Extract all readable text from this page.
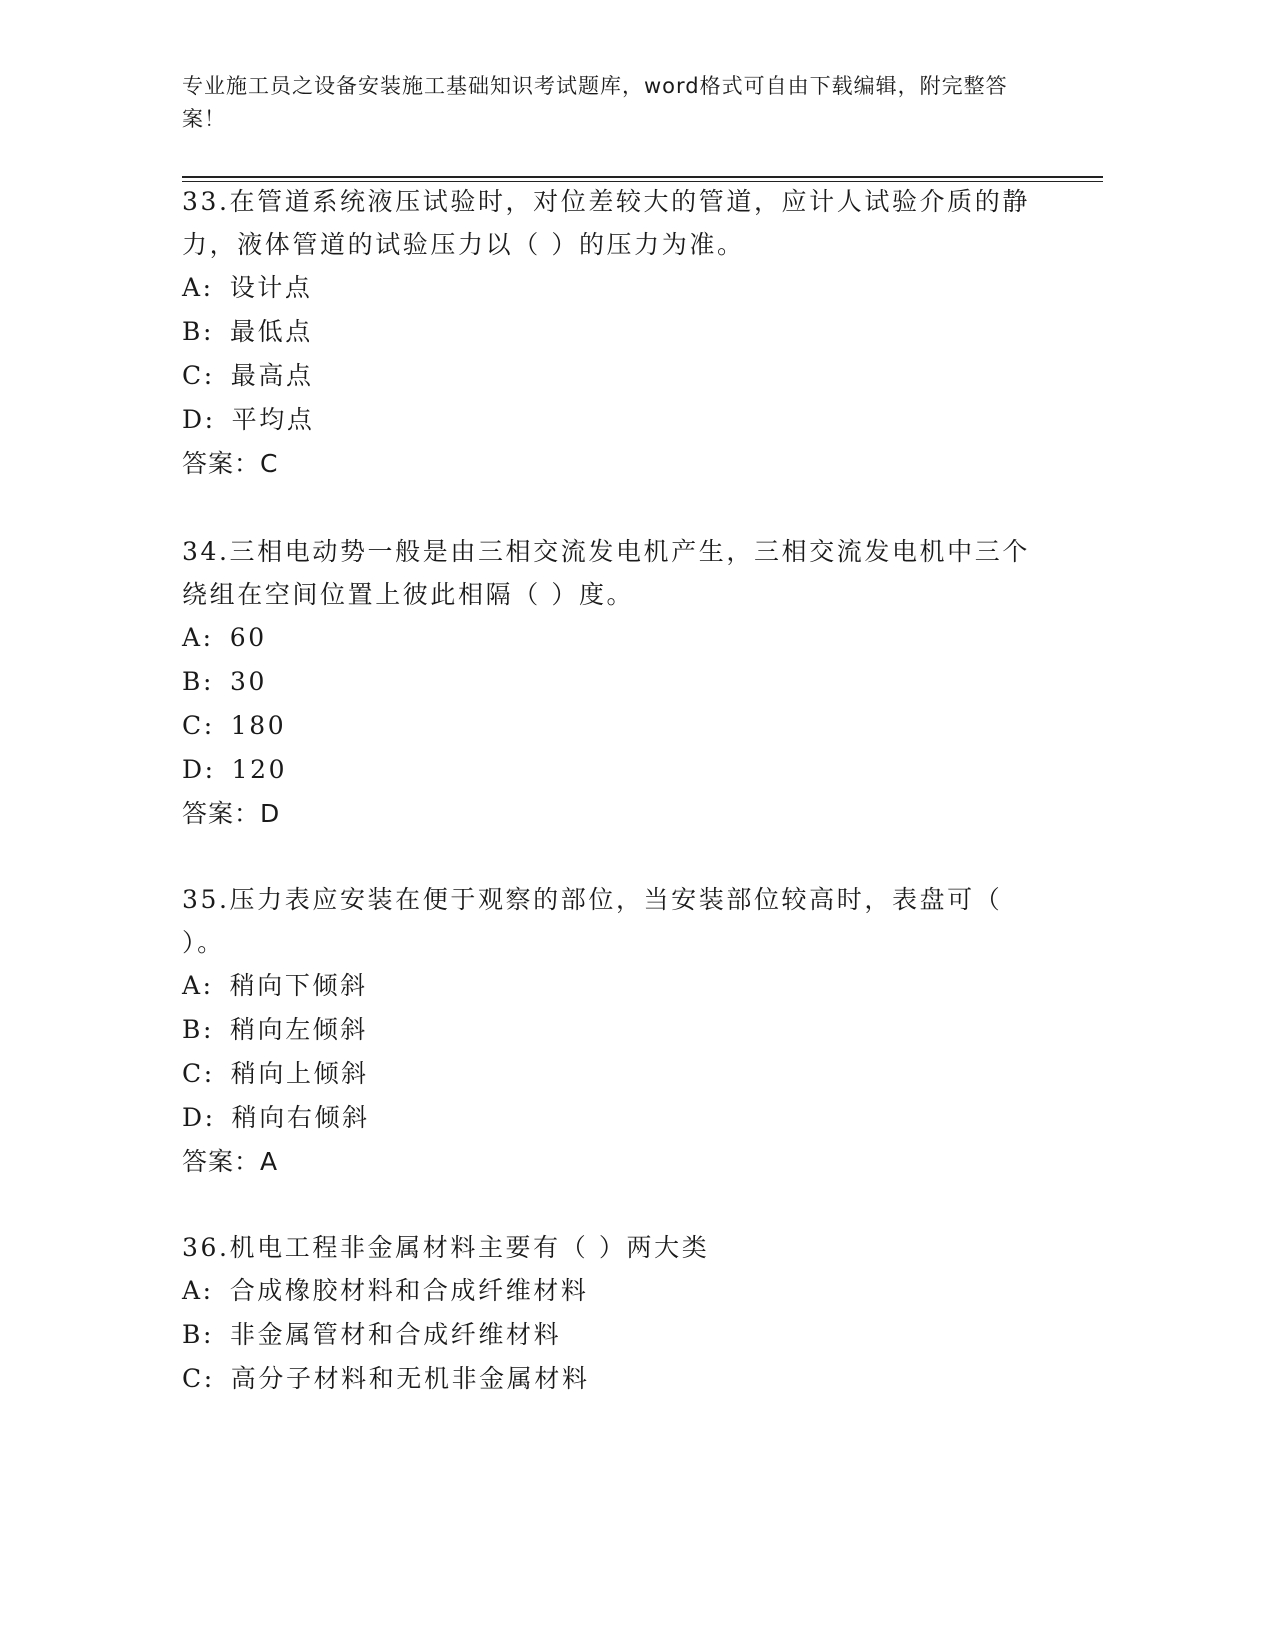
专业施工员之设备安装施工基础知识考试题库，word格式可自由下载编辑，附完整答案！

33.在管道系统液压试验时，对位差较大的管道，应计人试验介质的静力，液体管道的试验压力以（ ）的压力为准。

A: 设计点

B: 最低点

C: 最高点

D: 平均点

答案：C

34.三相电动势一般是由三相交流发电机产生，三相交流发电机中三个绕组在空间位置上彼此相隔（ ）度。

A: 60

B: 30

C: 180

D: 120

答案：D

35.压力表应安装在便于观察的部位，当安装部位较高时，表盘可（ ）。

A: 稍向下倾斜

B: 稍向左倾斜

C: 稍向上倾斜

D: 稍向右倾斜

答案：A

36.机电工程非金属材料主要有（ ）两大类

A: 合成橡胶材料和合成纤维材料

B: 非金属管材和合成纤维材料

C: 高分子材料和无机非金属材料
